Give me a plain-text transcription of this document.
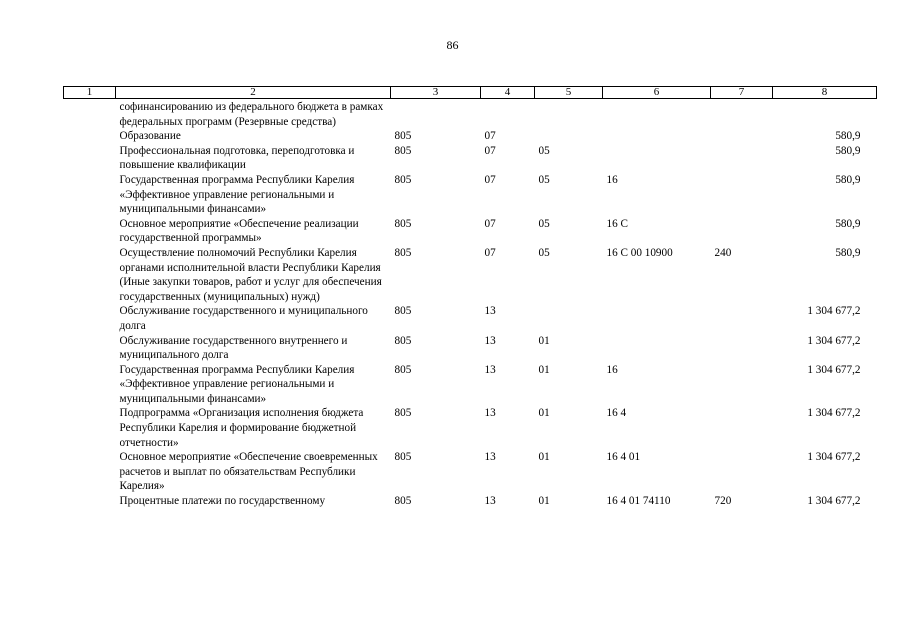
86
1	2	3	4	5	6	7	8
	софинансированию из федерального бюджета в рамках федеральных программ (Резервные средства)						
	Образование	805	07				580,9
	Профессиональная подготовка, переподготовка и повышение квалификации	805	07	05			580,9
	Государственная программа Республики Карелия «Эффективное управление региональными и муниципальными финансами»	805	07	05	16		580,9
	Основное мероприятие «Обеспечение реализации государственной программы»	805	07	05	16 С		580,9
	Осуществление полномочий Республики Карелия органами исполнительной власти Республики Карелия (Иные закупки товаров, работ и услуг для обеспечения государственных (муниципальных) нужд)	805	07	05	16 С 00 10900	240	580,9
	Обслуживание государственного и муниципального долга	805	13				1 304 677,2
	Обслуживание государственного внутреннего и муниципального долга	805	13	01			1 304 677,2
	Государственная программа Республики Карелия «Эффективное управление региональными и муниципальными финансами»	805	13	01	16		1 304 677,2
	Подпрограмма «Организация исполнения бюджета Республики Карелия и формирование бюджетной отчетности»	805	13	01	16 4		1 304 677,2
	Основное мероприятие «Обеспечение своевременных расчетов и выплат по обязательствам Республики Карелия»	805	13	01	16 4 01		1 304 677,2
	Процентные платежи по государственному	805	13	01	16 4 01 74110	720	1 304 677,2
